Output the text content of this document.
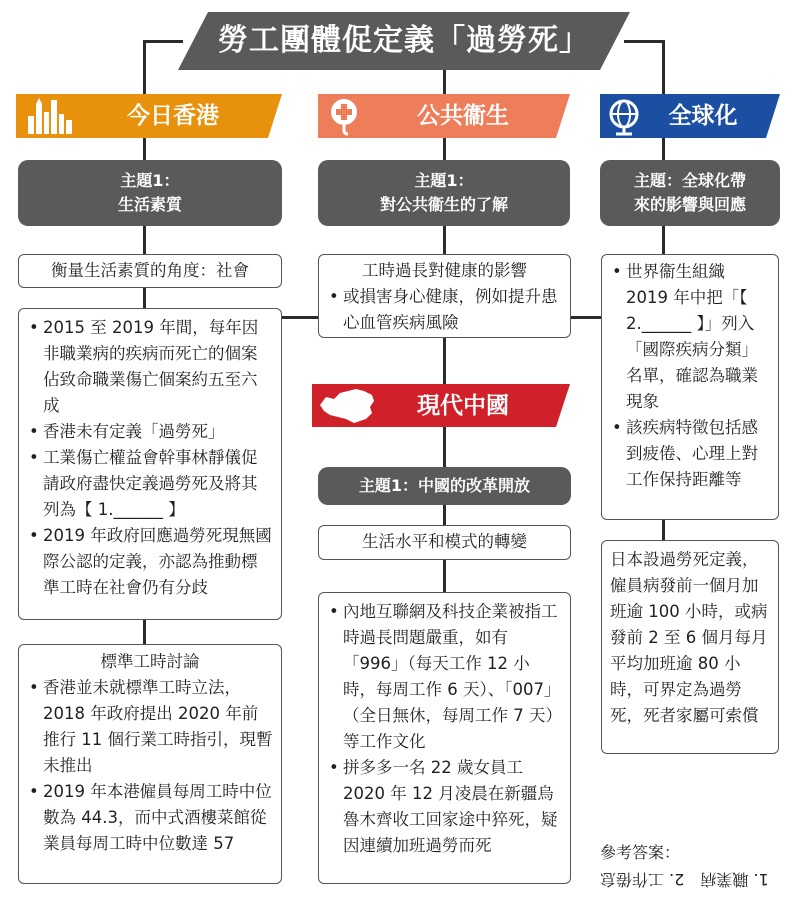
勞工團體促定義「過勞死」
今日香港	公共衞生	全球化
主題1：
生活素質
主題1：
對公共衞生的了解
主題：全球化帶
來的影響與回應
衡量生活素質的角度：社會
• 2015 至 2019 年間，每年因非職業病的疾病而死亡的個案佔致命職業傷亡個案約五至六成
• 香港未有定義「過勞死」
• 工業傷亡權益會幹事林靜儀促請政府盡快定義過勞死及將其列為【 1.______ 】
• 2019 年政府回應過勞死現無國際公認的定義，亦認為推動標準工時在社會仍有分歧
標準工時討論
• 香港並未就標準工時立法，2018 年政府提出 2020 年前推行 11 個行業工時指引，現暫未推出
• 2019 年本港僱員每周工時中位數為 44.3，而中式酒樓菜館從業員每周工時中位數達 57
工時過長對健康的影響
• 或損害身心健康，例如提升患心血管疾病風險
現代中國
主題1：中國的改革開放
生活水平和模式的轉變
• 內地互聯網及科技企業被指工時過長問題嚴重，如有「996」（每天工作 12 小時，每周工作 6 天）、「007」（全日無休，每周工作 7 天）等工作文化
• 拼多多一名 22 歲女員工 2020 年 12 月凌晨在新疆烏魯木齊收工回家途中猝死，疑因連續加班過勞而死
• 世界衞生組織 2019 年中把「【 2.______ 】」列入「國際疾病分類」名單，確認為職業現象
• 該疾病特徵包括感到疲倦、心理上對工作保持距離等
日本設過勞死定義，僱員病發前一個月加班逾 100 小時，或病發前 2 至 6 個月每月平均加班逾 80 小時，可界定為過勞死，死者家屬可索償
參考答案：
1. 職業病　2. 工作倦怠
